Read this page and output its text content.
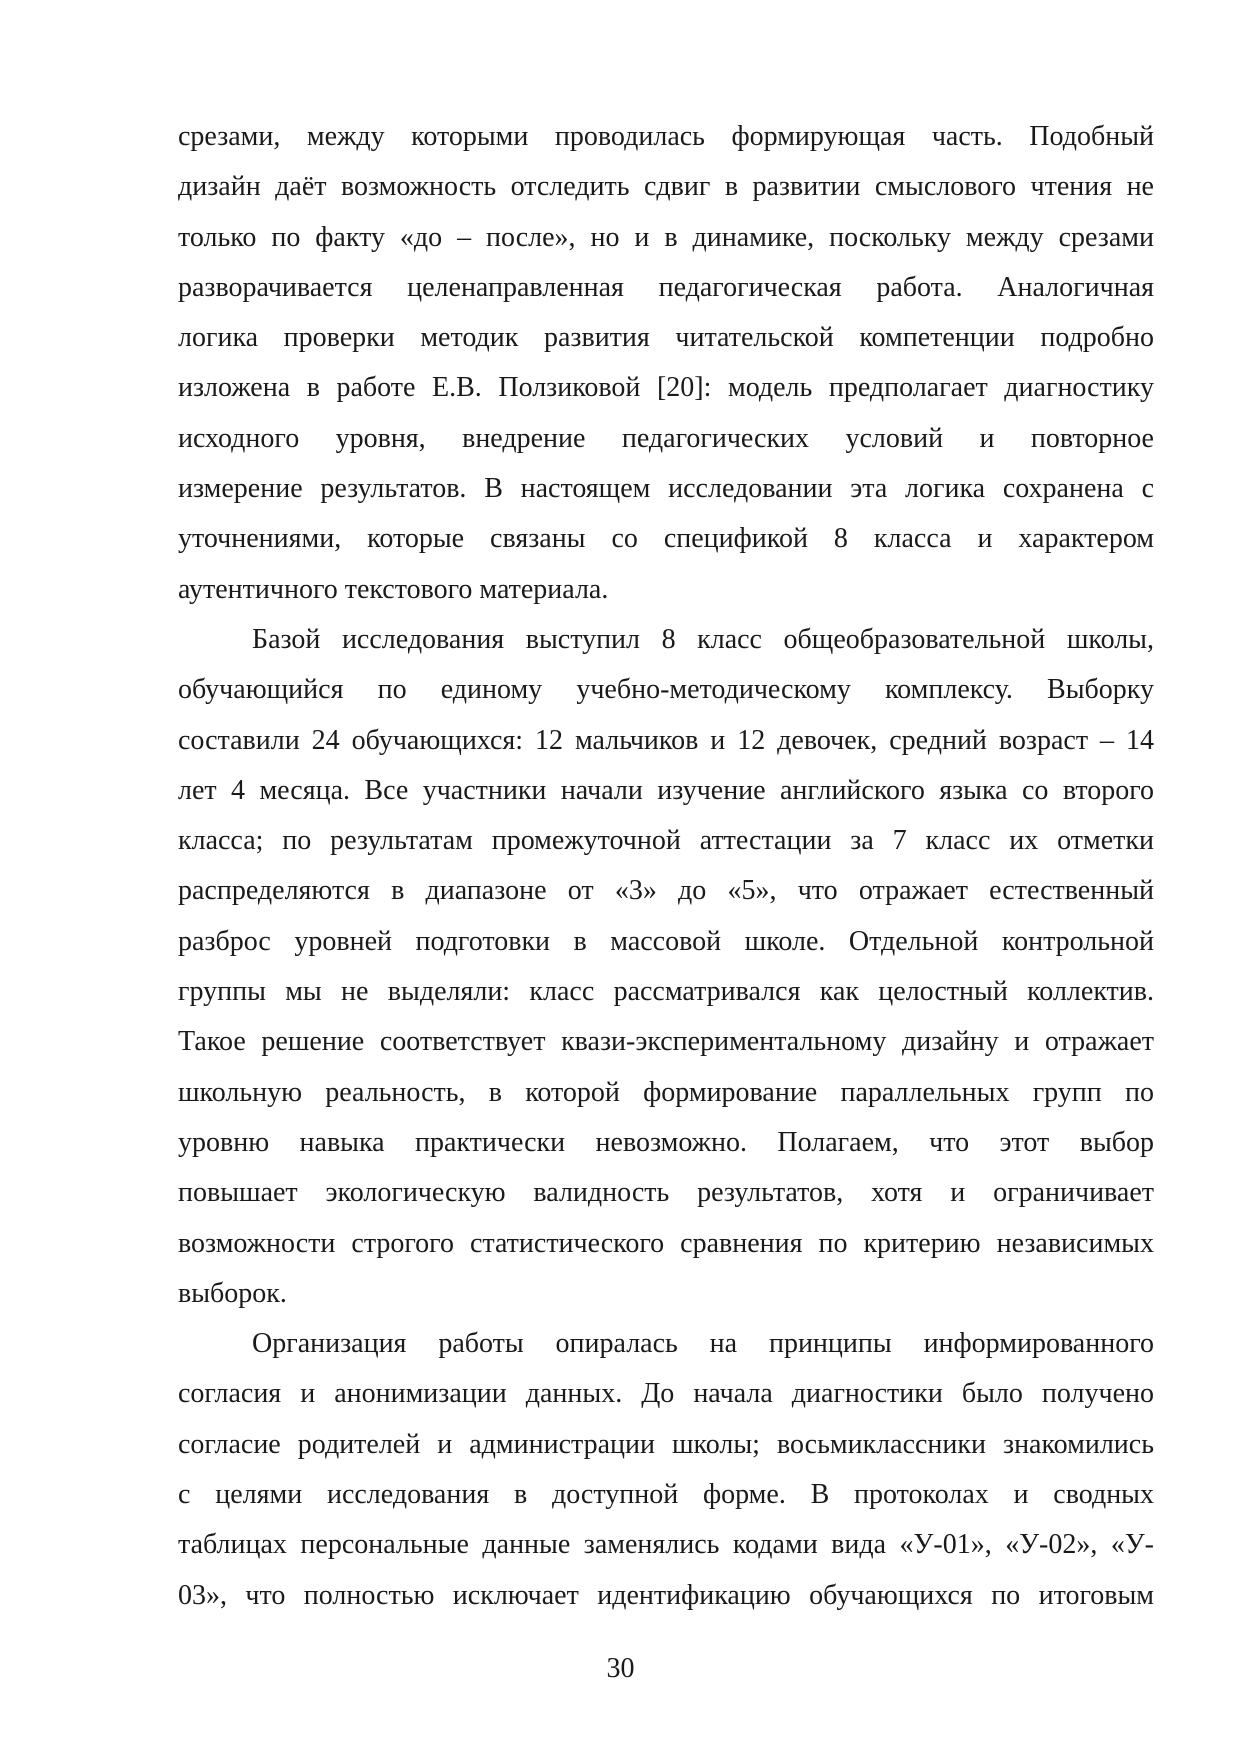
срезами, между которыми проводилась формирующая часть. Подобный
дизайн даёт возможность отследить сдвиг в развитии смыслового чтения не
только по факту «до – после», но и в динамике, поскольку между срезами
разворачивается целенаправленная педагогическая работа. Аналогичная
логика проверки методик развития читательской компетенции подробно
изложена в работе Е.В. Ползиковой [20]: модель предполагает диагностику
исходного уровня, внедрение педагогических условий и повторное
измерение результатов. В настоящем исследовании эта логика сохранена с
уточнениями, которые связаны со спецификой 8 класса и характером
аутентичного текстового материала.
Базой исследования выступил 8 класс общеобразовательной школы,
обучающийся по единому учебно-методическому комплексу. Выборку
составили 24 обучающихся: 12 мальчиков и 12 девочек, средний возраст – 14
лет 4 месяца. Все участники начали изучение английского языка со второго
класса; по результатам промежуточной аттестации за 7 класс их отметки
распределяются в диапазоне от «3» до «5», что отражает естественный
разброс уровней подготовки в массовой школе. Отдельной контрольной
группы мы не выделяли: класс рассматривался как целостный коллектив.
Такое решение соответствует квази-экспериментальному дизайну и отражает
школьную реальность, в которой формирование параллельных групп по
уровню навыка практически невозможно. Полагаем, что этот выбор
повышает экологическую валидность результатов, хотя и ограничивает
возможности строгого статистического сравнения по критерию независимых
выборок.
Организация работы опиралась на принципы информированного
согласия и анонимизации данных. До начала диагностики было получено
согласие родителей и администрации школы; восьмиклассники знакомились
с целями исследования в доступной форме. В протоколах и сводных
таблицах персональные данные заменялись кодами вида «У-01», «У-02», «У-
03», что полностью исключает идентификацию обучающихся по итоговым
30
